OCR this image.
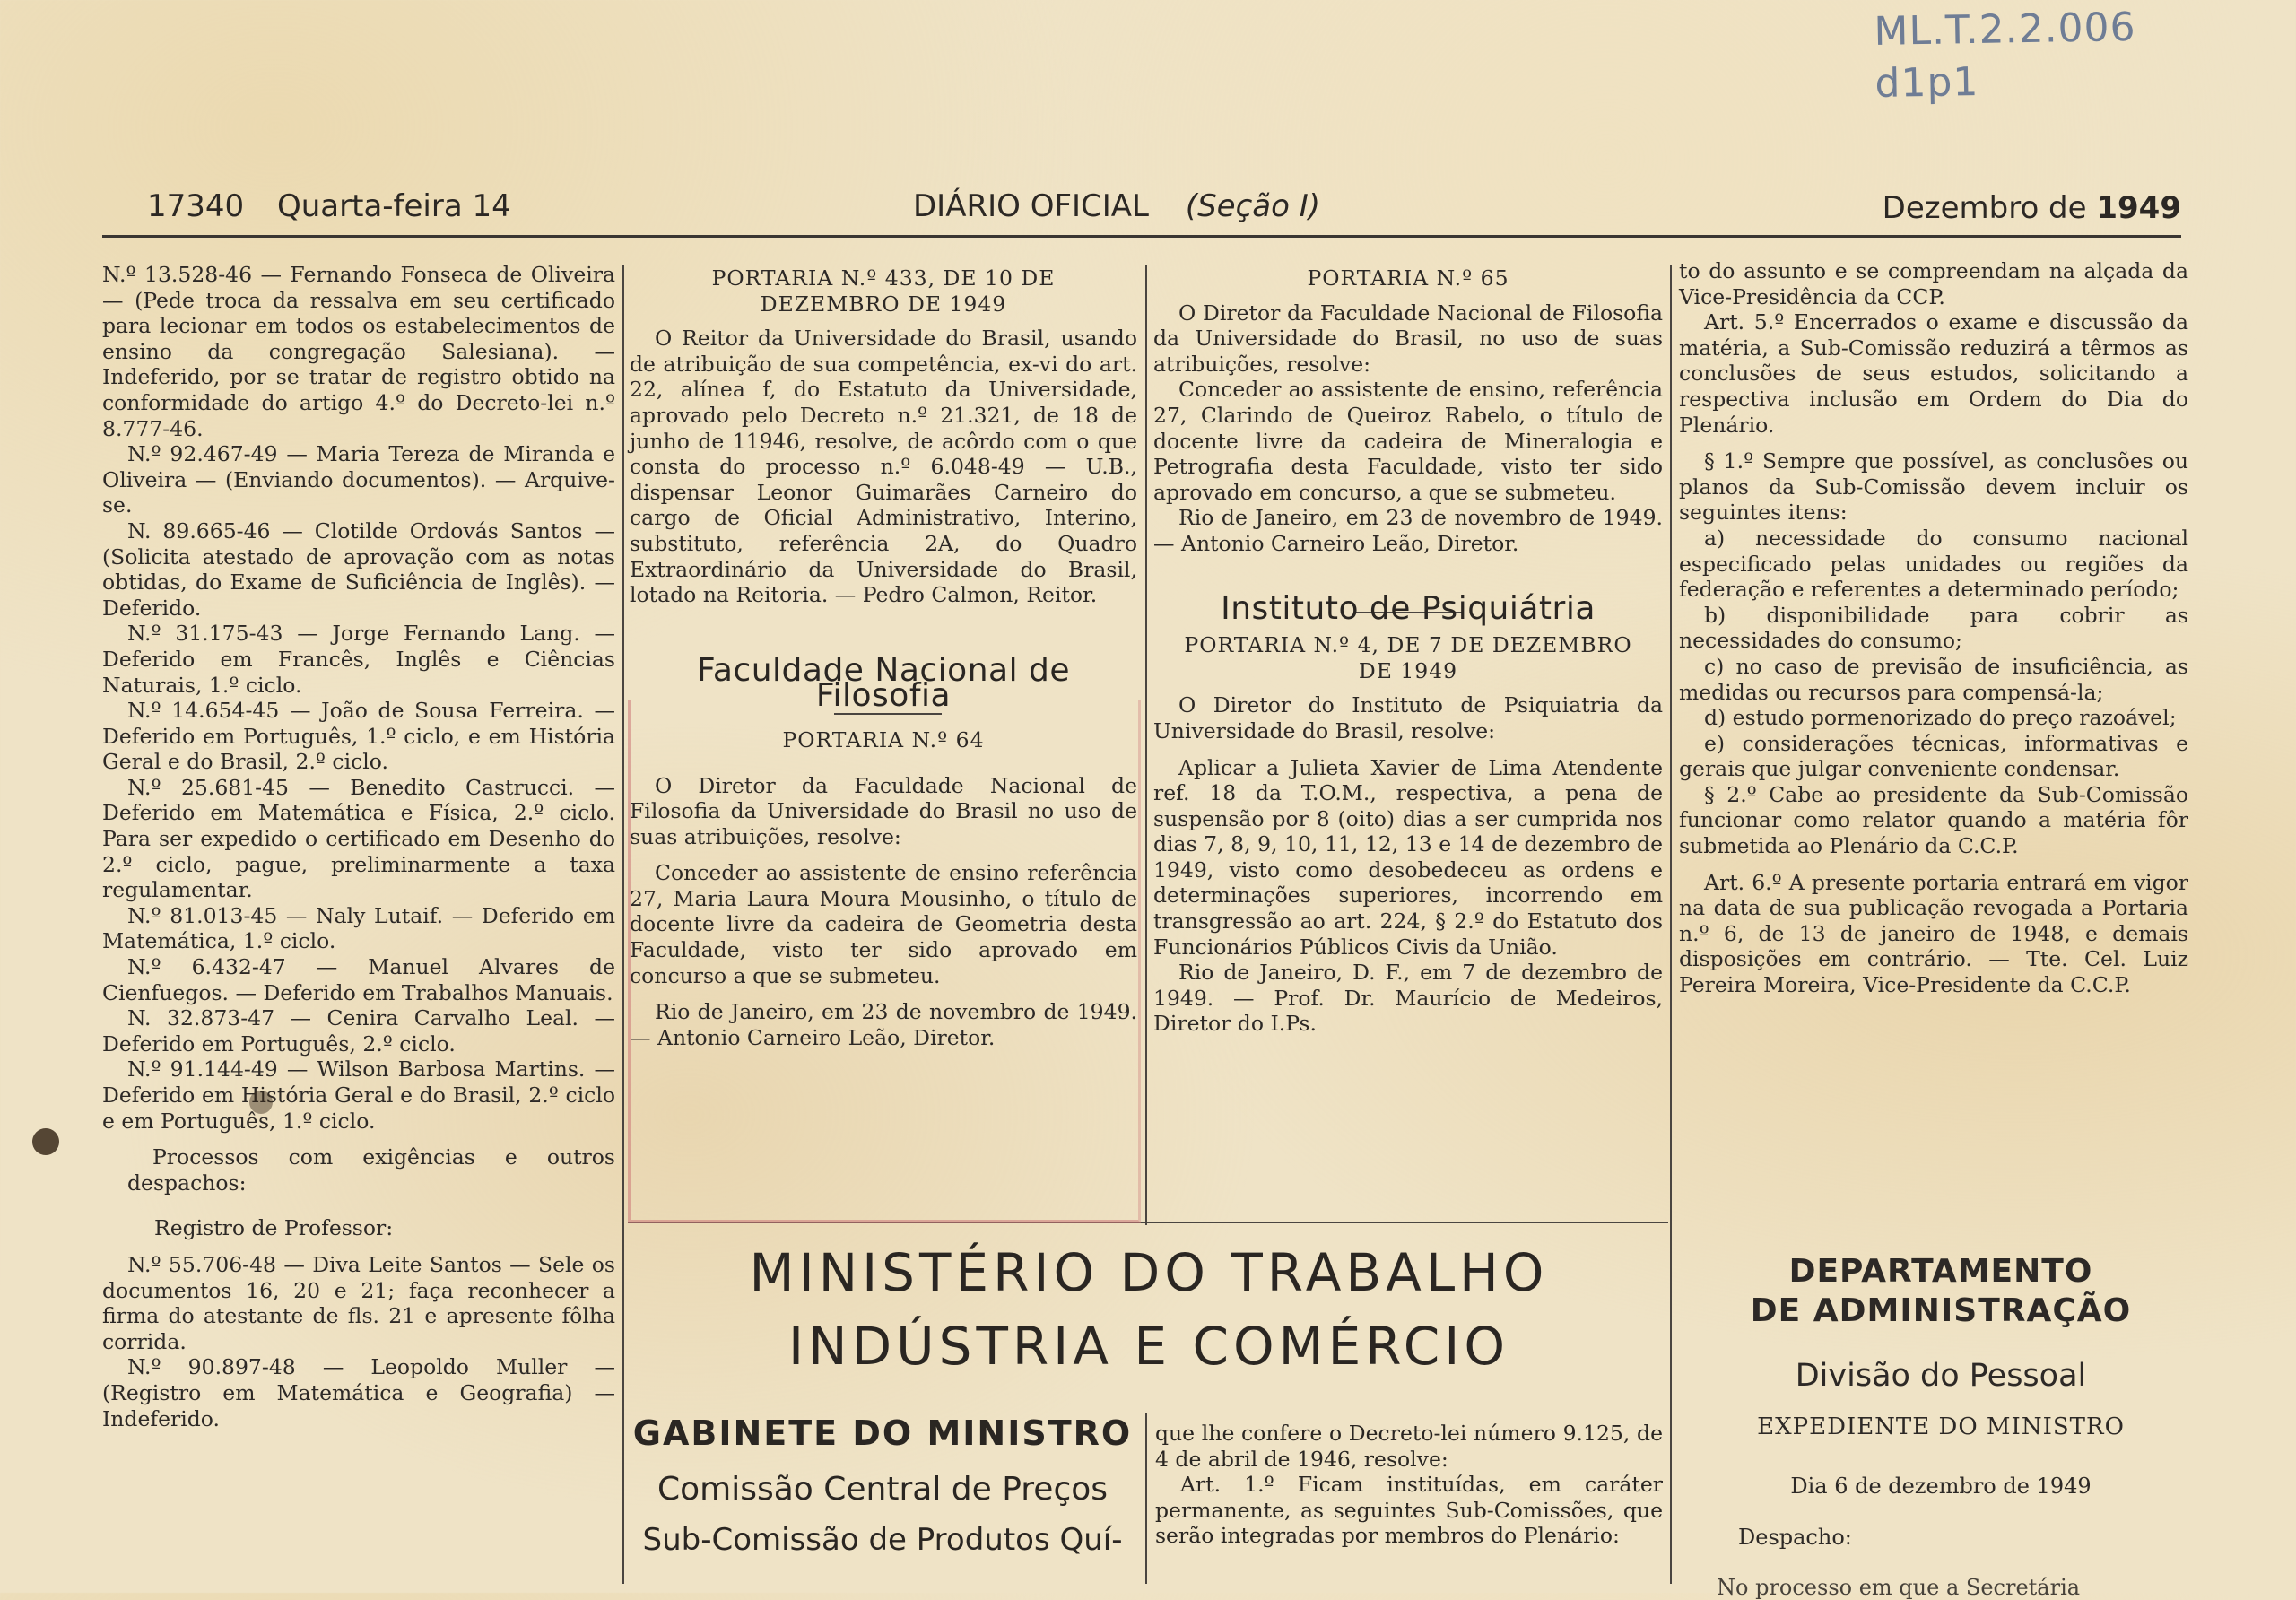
ML.T.2.2.006
d1p1
17340 Quarta-feira 14	DIÁRIO OFICIAL (Seção I)	Dezembro de 1949

N.º 13.528-46 — Fernando Fonseca de Oliveira — (Pede troca da ressalva em seu certificado para lecionar em todos os estabelecimentos de ensino da congregação Salesiana). — Indeferido, por se tratar de registro obtido na conformidade do artigo 4.º do Decreto-lei n.º 8.777-46.

N.º 92.467-49 — Maria Tereza de Miranda e Oliveira — (Enviando documentos). — Arquive-se.

N. 89.665-46 — Clotilde Ordovás Santos — (Solicita atestado de aprovação com as notas obtidas, do Exame de Suficiência de Inglês). — Deferido.

N.º 31.175-43 — Jorge Fernando Lang. — Deferido em Francês, Inglês e Ciências Naturais, 1.º ciclo.

N.º 14.654-45 — João de Sousa Ferreira. — Deferido em Português, 1.º ciclo, e em História Geral e do Brasil, 2.º ciclo.

N.º 25.681-45 — Benedito Castrucci. — Deferido em Matemática e Física, 2.º ciclo. Para ser expedido o certificado em Desenho do 2.º ciclo, pague, preliminarmente a taxa regulamentar.

N.º 81.013-45 — Naly Lutaif. — Deferido em Matemática, 1.º ciclo.

N.º 6.432-47 — Manuel Alvares de Cienfuegos. — Deferido em Trabalhos Manuais.

N. 32.873-47 — Cenira Carvalho Leal. — Deferido em Português, 2.º ciclo.

N.º 91.144-49 — Wilson Barbosa Martins. — Deferido em História Geral e do Brasil, 2.º ciclo e em Português, 1.º ciclo.

Processos com exigências e outros despachos:

Registro de Professor:

N.º 55.706-48 — Diva Leite Santos — Sele os documentos 16, 20 e 21; faça reconhecer a firma do atestante de fls. 21 e apresente fôlha corrida.

N.º 90.897-48 — Leopoldo Muller — (Registro em Matemática e Geografia) — Indeferido.

PORTARIA N.º 433, DE 10 DE DEZEMBRO DE 1949

O Reitor da Universidade do Brasil, usando de atribuição de sua competência, ex-vi do art. 22, alínea f, do Estatuto da Universidade, aprovado pelo Decreto n.º 21.321, de 18 de junho de 11946, resolve, de acôrdo com o que consta do processo n.º 6.048-49 — U.B., dispensar Leonor Guimarães Carneiro do cargo de Oficial Administrativo, Interino, substituto, referência 2A, do Quadro Extraordinário da Universidade do Brasil, lotado na Reitoria. — Pedro Calmon, Reitor.

Faculdade Nacional de Filosofia

PORTARIA N.º 64

O Diretor da Faculdade Nacional de Filosofia da Universidade do Brasil no uso de suas atribuições, resolve:

Conceder ao assistente de ensino referência 27, Maria Laura Moura Mousinho, o título de docente livre da cadeira de Geometria desta Faculdade, visto ter sido aprovado em concurso a que se submeteu.

Rio de Janeiro, em 23 de novembro de 1949. — Antonio Carneiro Leão, Diretor.

PORTARIA N.º 65

O Diretor da Faculdade Nacional de Filosofia da Universidade do Brasil, no uso de suas atribuições, resolve:

Conceder ao assistente de ensino, referência 27, Clarindo de Queiroz Rabelo, o título de docente livre da cadeira de Mineralogia e Petrografia desta Faculdade, visto ter sido aprovado em concurso, a que se submeteu.

Rio de Janeiro, em 23 de novembro de 1949. — Antonio Carneiro Leão, Diretor.

Instituto de Psiquiátria

PORTARIA N.º 4, DE 7 DE DEZEMBRO DE 1949

O Diretor do Instituto de Psiquiatria da Universidade do Brasil, resolve:

Aplicar a Julieta Xavier de Lima Atendente ref. 18 da T.O.M., respectiva, a pena de suspensão por 8 (oito) dias a ser cumprida nos dias 7, 8, 9, 10, 11, 12, 13 e 14 de dezembro de 1949, visto como desobedeceu as ordens e determinações superiores, incorrendo em transgressão ao art. 224, § 2.º do Estatuto dos Funcionários Públicos Civis da União.

Rio de Janeiro, D. F., em 7 de dezembro de 1949. — Prof. Dr. Maurício de Medeiros, Diretor do I.Ps.

to do assunto e se compreendam na alçada da Vice-Presidência da CCP.

Art. 5.º Encerrados o exame e discussão da matéria, a Sub-Comissão reduzirá a têrmos as conclusões de seus estudos, solicitando a respectiva inclusão em Ordem do Dia do Plenário.

§ 1.º Sempre que possível, as conclusões ou planos da Sub-Comissão devem incluir os seguintes itens:

a) necessidade do consumo nacional especificado pelas unidades ou regiões da federação e referentes a determinado período;

b) disponibilidade para cobrir as necessidades do consumo;

c) no caso de previsão de insuficiência, as medidas ou recursos para compensá-la;

d) estudo pormenorizado do preço razoável;

e) considerações técnicas, informativas e gerais que julgar conveniente condensar.

§ 2.º Cabe ao presidente da Sub-Comissão funcionar como relator quando a matéria fôr submetida ao Plenário da C.C.P.

Art. 6.º A presente portaria entrará em vigor na data de sua publicação revogada a Portaria n.º 6, de 13 de janeiro de 1948, e demais disposições em contrário. — Tte. Cel. Luiz Pereira Moreira, Vice-Presidente da C.C.P.

MINISTÉRIO DO TRABALHO
INDÚSTRIA E COMÉRCIO
GABINETE DO MINISTRO
Comissão Central de Preços
Sub-Comissão de Produtos Quí-

que lhe confere o Decreto-lei número 9.125, de 4 de abril de 1946, resolve:

Art. 1.º Ficam instituídas, em caráter permanente, as seguintes Sub-Comissões, que serão integradas por membros do Plenário:

DEPARTAMENTO
DE ADMINISTRAÇÃO
Divisão do Pessoal
EXPEDIENTE DO MINISTRO
Dia 6 de dezembro de 1949
Despacho:
No processo em que a Secretária
